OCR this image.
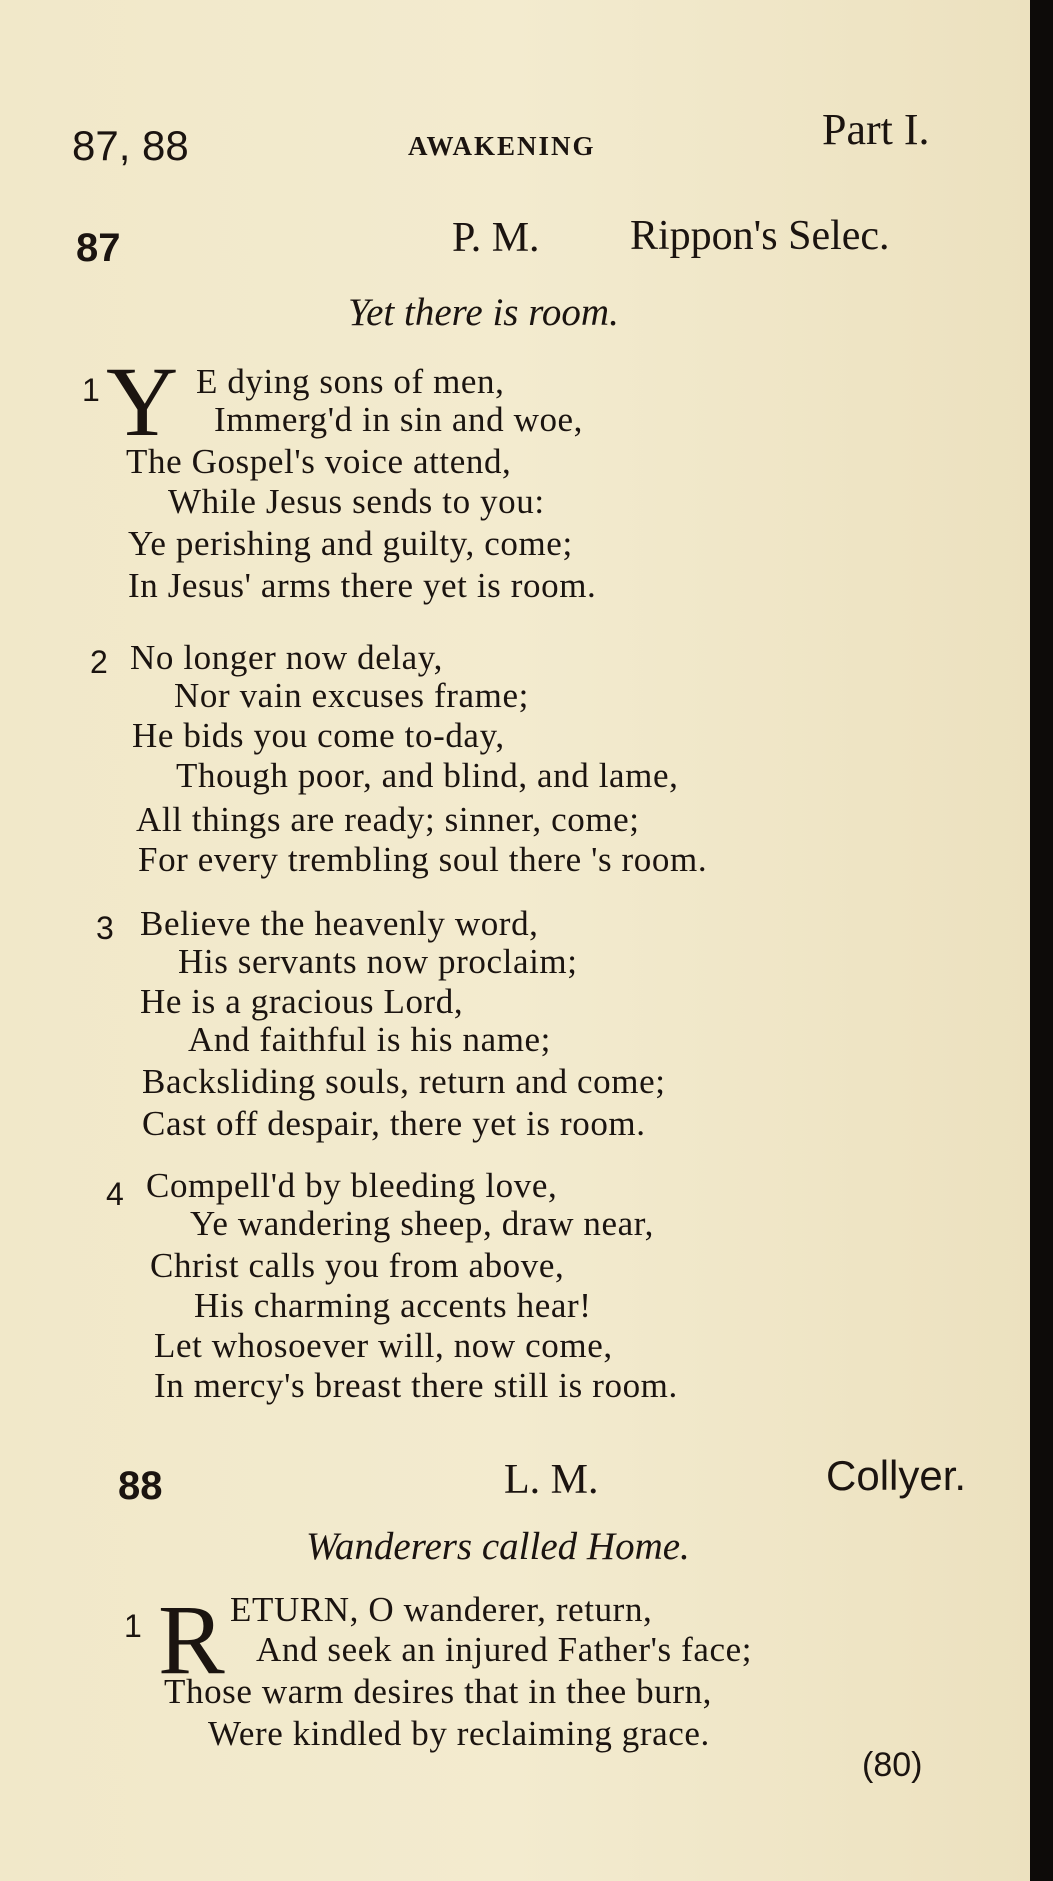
87, 88	AWAKENING	Part I.
87	P. M. Rippon's Selec.
Yet there is room.
1 Y E dying sons of men,
Immerg'd in sin and woe,
The Gospel's voice attend,
While Jesus sends to you:
Ye perishing and guilty, come;
In Jesus' arms there yet is room.
2 No longer now delay,
Nor vain excuses frame;
He bids you come to-day,
Though poor, and blind, and lame,
All things are ready; sinner, come;
For every trembling soul there 's room.
3 Believe the heavenly word,
His servants now proclaim;
He is a gracious Lord,
And faithful is his name;
Backsliding souls, return and come;
Cast off despair, there yet is room.
4 Compell'd by bleeding love,
Ye wandering sheep, draw near,
Christ calls you from above,
His charming accents hear!
Let whosoever will, now come,
In mercy's breast there still is room.
88	L. M.	Collyer.
Wanderers called Home.
1 R ETURN, O wanderer, return,
And seek an injured Father's face;
Those warm desires that in thee burn,
Were kindled by reclaiming grace.
(80)
